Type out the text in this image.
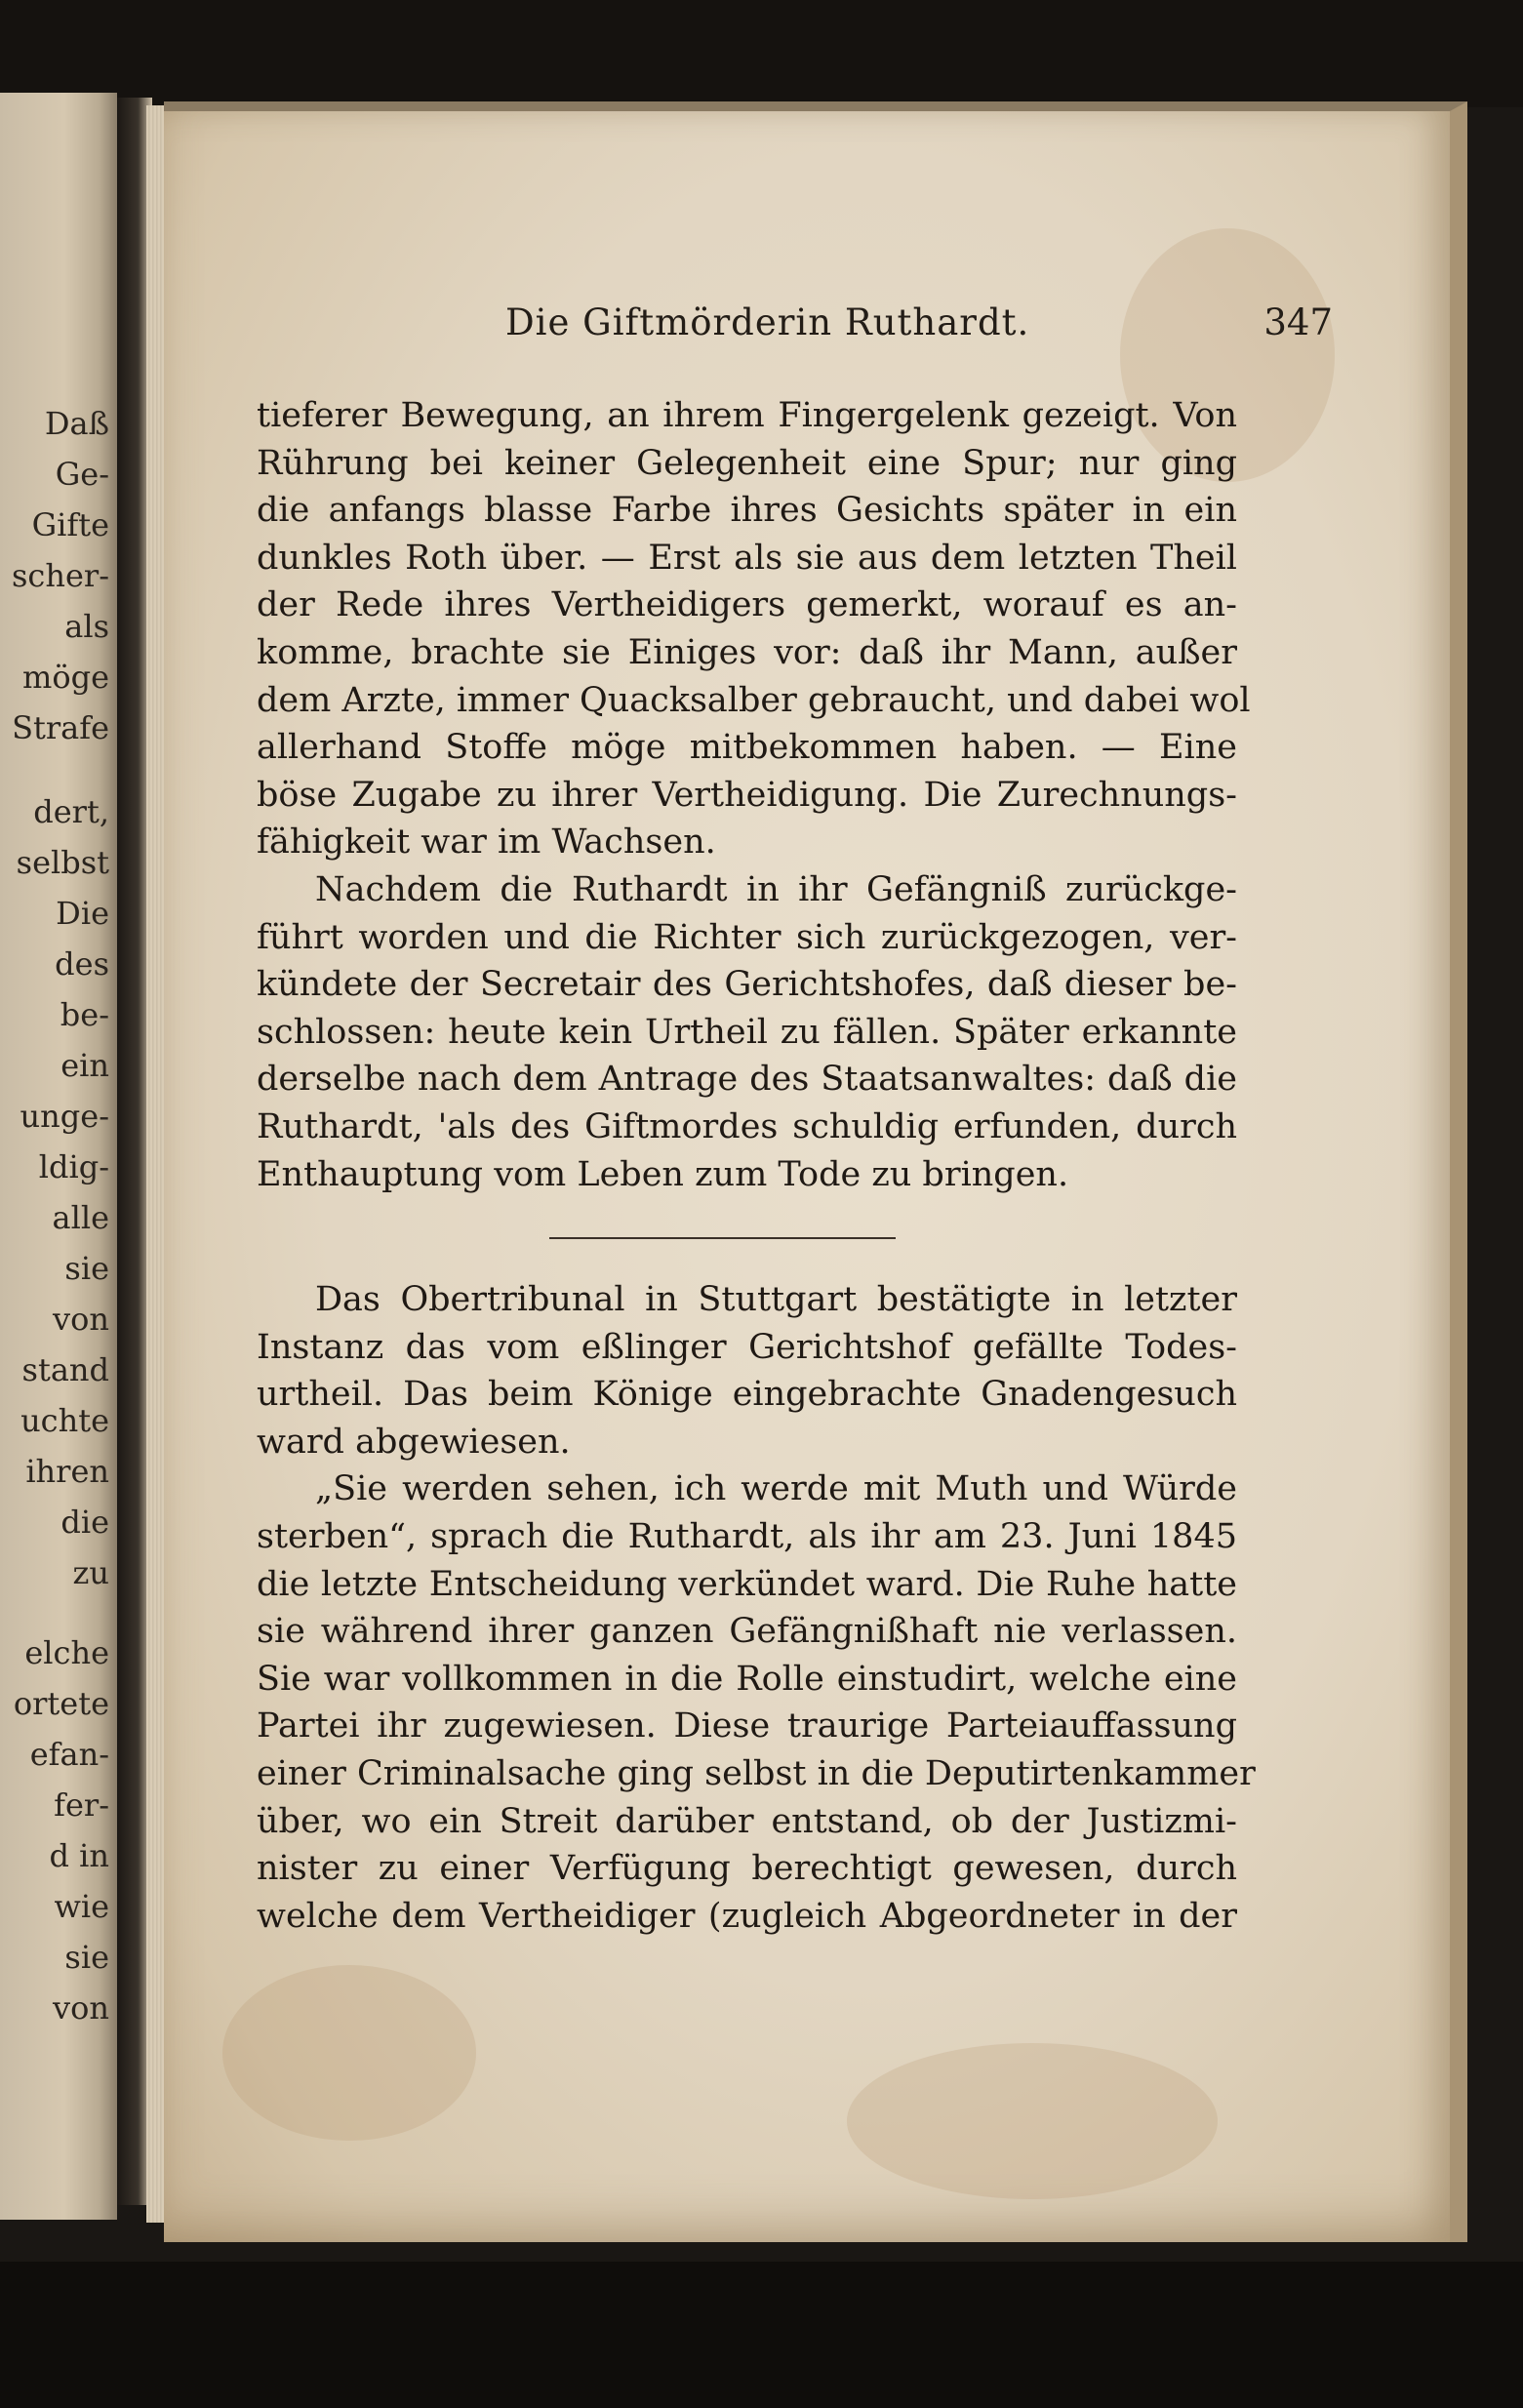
Daß
Ge-
Gifte
scher-
als
möge
Strafe
dert,
selbst
Die
des
be-
ein
unge-
ldig-
alle
sie
von
stand
uchte
ihren
die
zu
elche
ortete
efan-
fer-
d in
wie
sie
von
Die Giftmörderin Ruthardt.	347
tieferer Bewegung, an ihrem Fingergelenk gezeigt. Von
Rührung bei keiner Gelegenheit eine Spur; nur ging
die anfangs blasse Farbe ihres Gesichts später in ein
dunkles Roth über. — Erst als sie aus dem letzten Theil
der Rede ihres Vertheidigers gemerkt, worauf es an-
komme, brachte sie Einiges vor: daß ihr Mann, außer
dem Arzte, immer Quacksalber gebraucht, und dabei wol
allerhand Stoffe möge mitbekommen haben. — Eine
böse Zugabe zu ihrer Vertheidigung. Die Zurechnungs-
fähigkeit war im Wachsen.
Nachdem die Ruthardt in ihr Gefängniß zurückge-
führt worden und die Richter sich zurückgezogen, ver-
kündete der Secretair des Gerichtshofes, daß dieser be-
schlossen: heute kein Urtheil zu fällen. Später erkannte
derselbe nach dem Antrage des Staatsanwaltes: daß die
Ruthardt, 'als des Giftmordes schuldig erfunden, durch
Enthauptung vom Leben zum Tode zu bringen.
Das Obertribunal in Stuttgart bestätigte in letzter
Instanz das vom eßlinger Gerichtshof gefällte Todes-
urtheil. Das beim Könige eingebrachte Gnadengesuch
ward abgewiesen.
„Sie werden sehen, ich werde mit Muth und Würde
sterben“, sprach die Ruthardt, als ihr am 23. Juni 1845
die letzte Entscheidung verkündet ward. Die Ruhe hatte
sie während ihrer ganzen Gefängnißhaft nie verlassen.
Sie war vollkommen in die Rolle einstudirt, welche eine
Partei ihr zugewiesen. Diese traurige Parteiauffassung
einer Criminalsache ging selbst in die Deputirtenkammer
über, wo ein Streit darüber entstand, ob der Justizmi-
nister zu einer Verfügung berechtigt gewesen, durch
welche dem Vertheidiger (zugleich Abgeordneter in der
